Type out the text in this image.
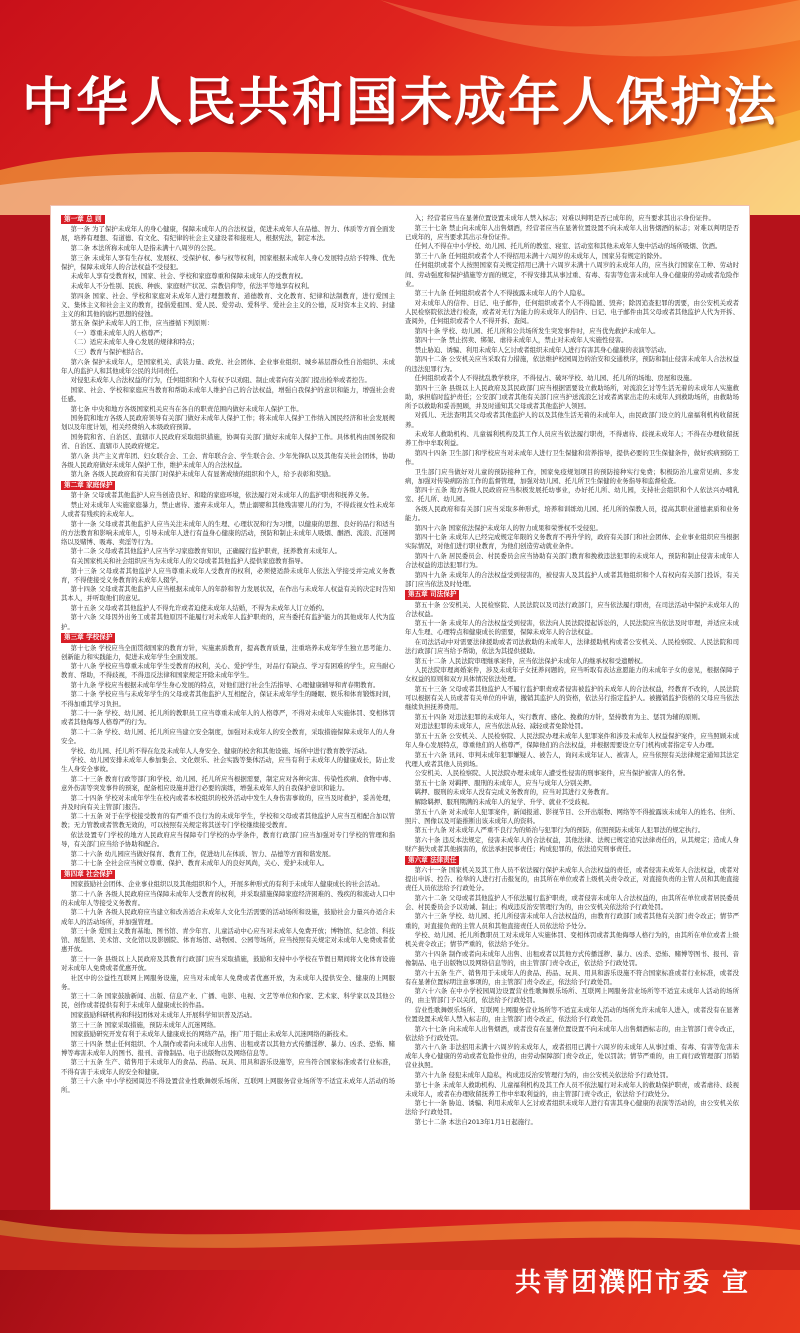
中华人民共和国未成年人保护法
第一章 总 则

第一条 为了保护未成年人的身心健康，保障未成年人的合法权益，促进未成年人在品德、智力、体质等方面全面发展，培养有理想、有道德、有文化、有纪律的社会主义建设者和接班人，根据宪法，制定本法。

第二条 本法所称未成年人是指未满十八周岁的公民。

第三条 未成年人享有生存权、发展权、受保护权、参与权等权利，国家根据未成年人身心发展特点给予特殊、优先保护，保障未成年人的合法权益不受侵犯。

未成年人享有受教育权，国家、社会、学校和家庭尊重和保障未成年人的受教育权。

未成年人不分性别、民族、种族、家庭财产状况、宗教信仰等，依法平等地享有权利。

第四条 国家、社会、学校和家庭对未成年人进行理想教育、道德教育、文化教育、纪律和法制教育，进行爱国主义、集体主义和社会主义的教育，提倡爱祖国、爱人民、爱劳动、爱科学、爱社会主义的公德，反对资本主义的、封建主义的和其他的腐朽思想的侵蚀。

第五条 保护未成年人的工作，应当遵循下列原则：

（一）尊重未成年人的人格尊严；

（二）适应未成年人身心发展的规律和特点；

（三）教育与保护相结合。

第六条 保护未成年人，是国家机关、武装力量、政党、社会团体、企业事业组织、城乡基层群众性自治组织、未成年人的监护人和其他成年公民的共同责任。

对侵犯未成年人合法权益的行为，任何组织和个人有权予以劝阻、制止或者向有关部门提出检举或者控告。

国家、社会、学校和家庭应当教育和帮助未成年人维护自己的合法权益，增强自我保护的意识和能力，增强社会责任感。

第七条 中央和地方各级国家机关应当在各自的职责范围内做好未成年人保护工作。

国务院和地方各级人民政府领导有关部门做好未成年人保护工作；将未成年人保护工作纳入国民经济和社会发展规划以及年度计划，相关经费纳入本级政府预算。

国务院和省、自治区、直辖市人民政府采取组织措施，协调有关部门做好未成年人保护工作。具体机构由国务院和省、自治区、直辖市人民政府规定。

第八条 共产主义青年团、妇女联合会、工会、青年联合会、学生联合会、少年先锋队以及其他有关社会团体，协助各级人民政府做好未成年人保护工作，维护未成年人的合法权益。

第九条 各级人民政府和有关部门对保护未成年人有显著成绩的组织和个人，给予表彰和奖励。

第二章 家庭保护

第十条 父母或者其他监护人应当创造良好、和睦的家庭环境，依法履行对未成年人的监护职责和抚养义务。

禁止对未成年人实施家庭暴力，禁止虐待、遗弃未成年人，禁止溺婴和其他残害婴儿的行为，不得歧视女性未成年人或者有残疾的未成年人。

第十一条 父母或者其他监护人应当关注未成年人的生理、心理状况和行为习惯，以健康的思想、良好的品行和适当的方法教育和影响未成年人，引导未成年人进行有益身心健康的活动，预防和制止未成年人吸烟、酗酒、流浪、沉迷网络以及赌博、吸毒、卖淫等行为。

第十二条 父母或者其他监护人应当学习家庭教育知识，正确履行监护职责，抚养教育未成年人。

有关国家机关和社会组织应当为未成年人的父母或者其他监护人提供家庭教育指导。

第十三条 父母或者其他监护人应当尊重未成年人受教育的权利，必须使适龄未成年人依法入学接受并完成义务教育，不得使接受义务教育的未成年人辍学。

第十四条 父母或者其他监护人应当根据未成年人的年龄和智力发展状况，在作出与未成年人权益有关的决定时告知其本人，并听取他们的意见。

第十五条 父母或者其他监护人不得允许或者迫使未成年人结婚，不得为未成年人订立婚约。

第十六条 父母因外出务工或者其他原因不能履行对未成年人监护职责的，应当委托有监护能力的其他成年人代为监护。

第三章 学校保护

第十七条 学校应当全面贯彻国家的教育方针，实施素质教育，提高教育质量，注重培养未成年学生独立思考能力、创新能力和实践能力，促进未成年学生全面发展。

第十八条 学校应当尊重未成年学生受教育的权利，关心、爱护学生，对品行有缺点、学习有困难的学生，应当耐心教育、帮助，不得歧视，不得违反法律和国家规定开除未成年学生。

第十九条 学校应当根据未成年学生身心发展的特点，对他们进行社会生活指导、心理健康辅导和青春期教育。

第二十条 学校应当与未成年学生的父母或者其他监护人互相配合，保证未成年学生的睡眠、娱乐和体育锻炼时间，不得加重其学习负担。

第二十一条 学校、幼儿园、托儿所的教职员工应当尊重未成年人的人格尊严，不得对未成年人实施体罚、变相体罚或者其他侮辱人格尊严的行为。

第二十二条 学校、幼儿园、托儿所应当建立安全制度，加强对未成年人的安全教育，采取措施保障未成年人的人身安全。

学校、幼儿园、托儿所不得在危及未成年人人身安全、健康的校舍和其他设施、场所中进行教育教学活动。

学校、幼儿园安排未成年人参加集会、文化娱乐、社会实践等集体活动，应当有利于未成年人的健康成长，防止发生人身安全事故。

第二十三条 教育行政等部门和学校、幼儿园、托儿所应当根据需要，制定应对各种灾害、传染性疾病、食物中毒、意外伤害等突发事件的预案，配备相应设施并进行必要的演练，增强未成年人的自我保护意识和能力。

第二十四条 学校对未成年学生在校内或者本校组织的校外活动中发生人身伤害事故的，应当及时救护，妥善处理，并及时向有关主管部门报告。

第二十五条 对于在学校接受教育的有严重不良行为的未成年学生，学校和父母或者其他监护人应当互相配合加以管教；无力管教或者管教无效的，可以按照有关规定将其送专门学校继续接受教育。

依法设置专门学校的地方人民政府应当保障专门学校的办学条件，教育行政部门应当加强对专门学校的管理和指导，有关部门应当给予协助和配合。

第二十六条 幼儿园应当做好保育、教育工作，促进幼儿在体质、智力、品德等方面和谐发展。

第二十七条 全社会应当树立尊重、保护、教育未成年人的良好风尚，关心、爱护未成年人。

第四章 社会保护

国家鼓励社会团体、企业事业组织以及其他组织和个人，开展多种形式的有利于未成年人健康成长的社会活动。

第二十八条 各级人民政府应当保障未成年人受教育的权利，并采取措施保障家庭经济困难的、残疾的和流动人口中的未成年人等接受义务教育。

第二十九条 各级人民政府应当建立和改善适合未成年人文化生活需要的活动场所和设施，鼓励社会力量兴办适合未成年人的活动场所，并加强管理。

第三十条 爱国主义教育基地、图书馆、青少年宫、儿童活动中心应当对未成年人免费开放；博物馆、纪念馆、科技馆、展览馆、美术馆、文化馆以及影剧院、体育场馆、动物园、公园等场所，应当按照有关规定对未成年人免费或者优惠开放。

第三十一条 县级以上人民政府及其教育行政部门应当采取措施，鼓励和支持中小学校在节假日期间将文化体育设施对未成年人免费或者优惠开放。

社区中的公益性互联网上网服务设施，应当对未成年人免费或者优惠开放，为未成年人提供安全、健康的上网服务。

第三十二条 国家鼓励新闻、出版、信息产业、广播、电影、电视、文艺等单位和作家、艺术家、科学家以及其他公民，创作或者提供有利于未成年人健康成长的作品。

国家鼓励科研机构和科技团体对未成年人开展科学知识普及活动。

第三十三条 国家采取措施，预防未成年人沉迷网络。

国家鼓励研究开发有利于未成年人健康成长的网络产品，推广用于阻止未成年人沉迷网络的新技术。

第三十四条 禁止任何组织、个人制作或者向未成年人出售、出租或者以其他方式传播淫秽、暴力、凶杀、恐怖、赌博等毒害未成年人的图书、报刊、音像制品、电子出版物以及网络信息等。

第三十五条 生产、销售用于未成年人的食品、药品、玩具、用具和游乐设施等，应当符合国家标准或者行业标准，不得有害于未成年人的安全和健康。

第三十六条 中小学校园周边不得设置营业性歌舞娱乐场所、互联网上网服务营业场所等不适宜未成年人活动的场所。

入；经营者应当在显著位置设置未成年人禁入标志；对难以判明是否已成年的，应当要求其出示身份证件。

第三十七条 禁止向未成年人出售烟酒，经营者应当在显著位置设置不向未成年人出售烟酒的标志；对难以判明是否已成年的，应当要求其出示身份证件。

任何人不得在中小学校、幼儿园、托儿所的教室、寝室、活动室和其他未成年人集中活动的场所吸烟、饮酒。

第三十八条 任何组织或者个人不得招用未满十六周岁的未成年人，国家另有规定的除外。

任何组织或者个人按照国家有关规定招用已满十六周岁未满十八周岁的未成年人的，应当执行国家在工种、劳动时间、劳动强度和保护措施等方面的规定，不得安排其从事过重、有毒、有害等危害未成年人身心健康的劳动或者危险作业。

第三十九条 任何组织或者个人不得披露未成年人的个人隐私。

对未成年人的信件、日记、电子邮件，任何组织或者个人不得隐匿、毁弃；除因追查犯罪的需要，由公安机关或者人民检察院依法进行检查，或者对无行为能力的未成年人的信件、日记、电子邮件由其父母或者其他监护人代为开拆、查阅外，任何组织或者个人不得开拆、查阅。

第四十条 学校、幼儿园、托儿所和公共场所发生突发事件时，应当优先救护未成年人。

第四十一条 禁止拐卖、绑架、虐待未成年人，禁止对未成年人实施性侵害。

禁止胁迫、诱骗、利用未成年人乞讨或者组织未成年人进行有害其身心健康的表演等活动。

第四十二条 公安机关应当采取有力措施，依法维护校园周边的治安和交通秩序，预防和制止侵害未成年人合法权益的违法犯罪行为。

任何组织或者个人不得扰乱教学秩序，不得侵占、破坏学校、幼儿园、托儿所的场地、房屋和设施。

第四十三条 县级以上人民政府及其民政部门应当根据需要设立救助场所，对流浪乞讨等生活无着的未成年人实施救助，承担临时监护责任；公安部门或者其他有关部门应当护送流浪乞讨或者离家出走的未成年人到救助场所，由救助场所予以救助和妥善照顾，并及时通知其父母或者其他监护人领回。

对孤儿、无法查明其父母或者其他监护人的以及其他生活无着的未成年人，由民政部门设立的儿童福利机构收留抚养。

未成年人救助机构、儿童福利机构及其工作人员应当依法履行职责，不得虐待、歧视未成年人；不得在办理收留抚养工作中牟取利益。

第四十四条 卫生部门和学校应当对未成年人进行卫生保健和营养指导，提供必要的卫生保健条件，做好疾病预防工作。

卫生部门应当做好对儿童的预防接种工作，国家免疫规划项目的预防接种实行免费；积极防治儿童常见病、多发病，加强对传染病防治工作的监督管理，加强对幼儿园、托儿所卫生保健的业务指导和监督检查。

第四十五条 地方各级人民政府应当积极发展托幼事业，办好托儿所、幼儿园，支持社会组织和个人依法兴办哺乳室、托儿所、幼儿园。

各级人民政府和有关部门应当采取多种形式，培养和训练幼儿园、托儿所的保教人员，提高其职业道德素质和业务能力。

第四十六条 国家依法保护未成年人的智力成果和荣誉权不受侵犯。

第四十七条 未成年人已经完成规定年限的义务教育不再升学的，政府有关部门和社会团体、企业事业组织应当根据实际情况，对他们进行职业教育，为他们创造劳动就业条件。

第四十八条 居民委员会、村民委员会应当协助有关部门教育和挽救违法犯罪的未成年人，预防和制止侵害未成年人合法权益的违法犯罪行为。

第四十九条 未成年人的合法权益受到侵害的，被侵害人及其监护人或者其他组织和个人有权向有关部门投诉，有关部门应当依法及时处理。

第五章 司法保护

第五十条 公安机关、人民检察院、人民法院以及司法行政部门，应当依法履行职责，在司法活动中保护未成年人的合法权益。

第五十一条 未成年人的合法权益受到侵害，依法向人民法院提起诉讼的，人民法院应当依法及时审理，并适应未成年人生理、心理特点和健康成长的需要，保障未成年人的合法权益。

在司法活动中对需要法律援助或者司法救助的未成年人，法律援助机构或者公安机关、人民检察院、人民法院和司法行政部门应当给予帮助，依法为其提供援助。

第五十二条 人民法院审理继承案件，应当依法保护未成年人的继承权和受遗赠权。

人民法院审理离婚案件，涉及未成年子女抚养问题的，应当听取有表达意愿能力的未成年子女的意见，根据保障子女权益的原则和双方具体情况依法处理。

第五十三条 父母或者其他监护人不履行监护职责或者侵害被监护的未成年人的合法权益，经教育不改的，人民法院可以根据有关人员或者有关单位的申请，撤销其监护人的资格，依法另行指定监护人。被撤销监护资格的父母应当依法继续负担抚养费用。

第五十四条 对违法犯罪的未成年人，实行教育、感化、挽救的方针，坚持教育为主、惩罚为辅的原则。

对违法犯罪的未成年人，应当依法从轻、减轻或者免除处罚。

第五十五条 公安机关、人民检察院、人民法院办理未成年人犯罪案件和涉及未成年人权益保护案件，应当照顾未成年人身心发展特点，尊重他们的人格尊严，保障他们的合法权益，并根据需要设立专门机构或者指定专人办理。

第五十六条 讯问、审判未成年犯罪嫌疑人、被告人，询问未成年证人、被害人，应当依照有关法律规定通知其法定代理人或者其他人员到场。

公安机关、人民检察院、人民法院办理未成年人遭受性侵害的刑事案件，应当保护被害人的名誉。

第五十七条 对羁押、服刑的未成年人，应当与成年人分别关押。

羁押、服刑的未成年人没有完成义务教育的，应当对其进行义务教育。

解除羁押、服刑期满的未成年人的复学、升学、就业不受歧视。

第五十八条 对未成年人犯罪案件，新闻报道、影视节目、公开出版物、网络等不得披露该未成年人的姓名、住所、照片、图像以及可能推断出该未成年人的资料。

第五十九条 对未成年人严重不良行为的矫治与犯罪行为的预防，依照预防未成年人犯罪法的规定执行。

第六十条 违反本法规定，侵害未成年人的合法权益，其他法律、法规已规定追究法律责任的，从其规定；造成人身财产损失或者其他损害的，依法承担民事责任；构成犯罪的，依法追究刑事责任。

第六章 法律责任

第六十一条 国家机关及其工作人员不依法履行保护未成年人合法权益的责任，或者侵害未成年人合法权益，或者对提出申诉、控告、检举的人进行打击报复的，由其所在单位或者上级机关责令改正，对直接负责的主管人员和其他直接责任人员依法给予行政处分。

第六十二条 父母或者其他监护人不依法履行监护职责，或者侵害未成年人合法权益的，由其所在单位或者居民委员会、村民委员会予以劝诫、制止；构成违反治安管理行为的，由公安机关依法给予行政处罚。

第六十三条 学校、幼儿园、托儿所侵害未成年人合法权益的，由教育行政部门或者其他有关部门责令改正；情节严重的，对直接负责的主管人员和其他直接责任人员依法给予处分。

学校、幼儿园、托儿所教职员工对未成年人实施体罚、变相体罚或者其他侮辱人格行为的，由其所在单位或者上级机关责令改正；情节严重的，依法给予处分。

第六十四条 制作或者向未成年人出售、出租或者以其他方式传播淫秽、暴力、凶杀、恐怖、赌博等图书、报刊、音像制品、电子出版物以及网络信息等的，由主管部门责令改正，依法给予行政处罚。

第六十五条 生产、销售用于未成年人的食品、药品、玩具、用具和游乐设施不符合国家标准或者行业标准，或者没有在显著位置标明注意事项的，由主管部门责令改正，依法给予行政处罚。

第六十六条 在中小学校园周边设置营业性歌舞娱乐场所、互联网上网服务营业场所等不适宜未成年人活动的场所的，由主管部门予以关闭，依法给予行政处罚。

营业性歌舞娱乐场所、互联网上网服务营业场所等不适宜未成年人活动的场所允许未成年人进入，或者没有在显著位置设置未成年人禁入标志的，由主管部门责令改正，依法给予行政处罚。

第六十七条 向未成年人出售烟酒，或者没有在显著位置设置不向未成年人出售烟酒标志的，由主管部门责令改正，依法给予行政处罚。

第六十八条 非法招用未满十六周岁的未成年人，或者招用已满十六周岁的未成年人从事过重、有毒、有害等危害未成年人身心健康的劳动或者危险作业的，由劳动保障部门责令改正，处以罚款；情节严重的，由工商行政管理部门吊销营业执照。

第六十九条 侵犯未成年人隐私，构成违反治安管理行为的，由公安机关依法给予行政处罚。

第七十条 未成年人救助机构、儿童福利机构及其工作人员不依法履行对未成年人的救助保护职责，或者虐待、歧视未成年人，或者在办理收留抚养工作中牟取利益的，由主管部门责令改正，依法给予行政处分。

第七十一条 胁迫、诱骗、利用未成年人乞讨或者组织未成年人进行有害其身心健康的表演等活动的，由公安机关依法给予行政处罚。

第七十二条 本法自2013年1月1日起施行。

共青团濮阳市委 宣
